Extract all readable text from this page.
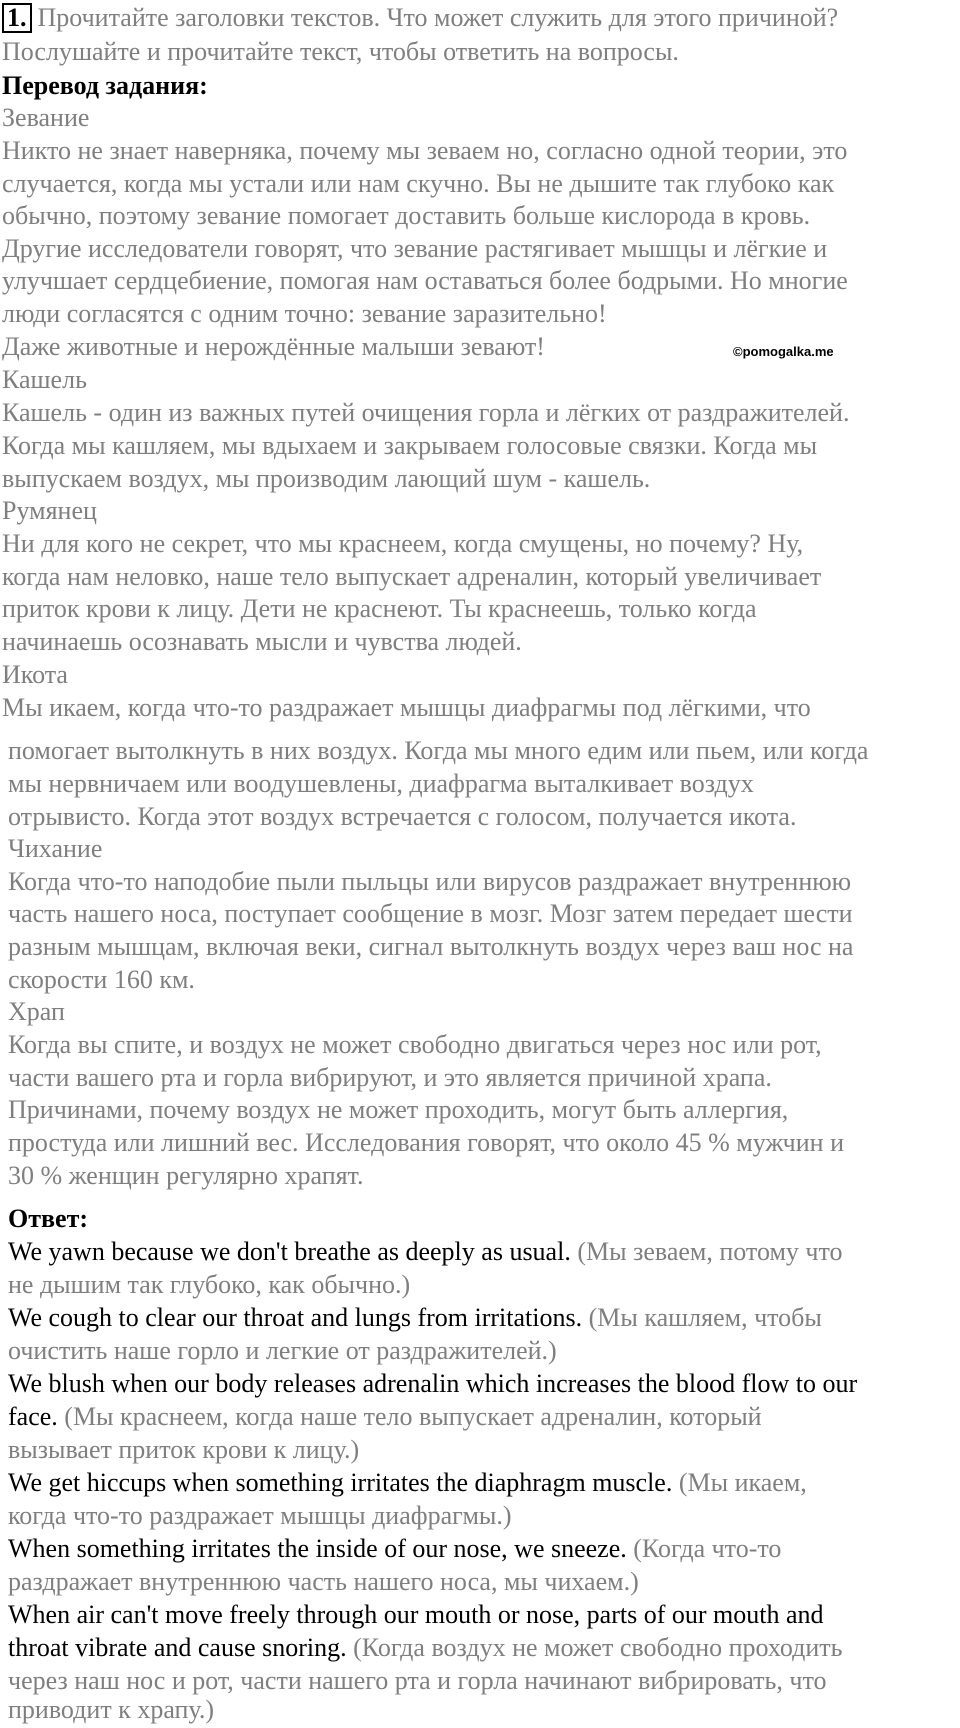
1. Прочитайте заголовки текстов. Что может служить для этого причиной?
Послушайте и прочитайте текст, чтобы ответить на вопросы.
Перевод задания:
Зевание
Никто не знает наверняка, почему мы зеваем но, согласно одной теории, это
случается, когда мы устали или нам скучно. Вы не дышите так глубоко как
обычно, поэтому зевание помогает доставить больше кислорода в кровь.
Другие исследователи говорят, что зевание растягивает мышцы и лёгкие и
улучшает сердцебиение, помогая нам оставаться более бодрыми. Но многие
люди согласятся с одним точно: зевание заразительно!
Даже животные и нерождённые малыши зевают!	©pomogalka.me
Кашель
Кашель - один из важных путей очищения горла и лёгких от раздражителей.
Когда мы кашляем, мы вдыхаем и закрываем голосовые связки. Когда мы
выпускаем воздух, мы производим лающий шум - кашель.
Румянец
Ни для кого не секрет, что мы краснеем, когда смущены, но почему? Ну,
когда нам неловко, наше тело выпускает адреналин, который увеличивает
приток крови к лицу. Дети не краснеют. Ты краснеешь, только когда
начинаешь осознавать мысли и чувства людей.
Икота
Мы икаем, когда что-то раздражает мышцы диафрагмы под лёгкими, что
помогает вытолкнуть в них воздух. Когда мы много едим или пьем, или когда
мы нервничаем или воодушевлены, диафрагма выталкивает воздух
отрывисто. Когда этот воздух встречается с голосом, получается икота.
Чихание
Когда что-то наподобие пыли пыльцы или вирусов раздражает внутреннюю
часть нашего носа, поступает сообщение в мозг. Мозг затем передает шести
разным мышцам, включая веки, сигнал вытолкнуть воздух через ваш нос на
скорости 160 км.
Храп
Когда вы спите, и воздух не может свободно двигаться через нос или рот,
части вашего рта и горла вибрируют, и это является причиной храпа.
Причинами, почему воздух не может проходить, могут быть аллергия,
простуда или лишний вес. Исследования говорят, что около 45 % мужчин и
30 % женщин регулярно храпят.
Ответ:
We yawn because we don't breathe as deeply as usual. (Мы зеваем, потому что
не дышим так глубоко, как обычно.)
We cough to clear our throat and lungs from irritations. (Мы кашляем, чтобы
очистить наше горло и легкие от раздражителей.)
We blush when our body releases adrenalin which increases the blood flow to our
face. (Мы краснеем, когда наше тело выпускает адреналин, который
вызывает приток крови к лицу.)
We get hiccups when something irritates the diaphragm muscle. (Мы икаем,
когда что-то раздражает мышцы диафрагмы.)
When something irritates the inside of our nose, we sneeze. (Когда что-то
раздражает внутреннюю часть нашего носа, мы чихаем.)
When air can't move freely through our mouth or nose, parts of our mouth and
throat vibrate and cause snoring. (Когда воздух не может свободно проходить
через наш нос и рот, части нашего рта и горла начинают вибрировать, что
приводит к храпу.)
